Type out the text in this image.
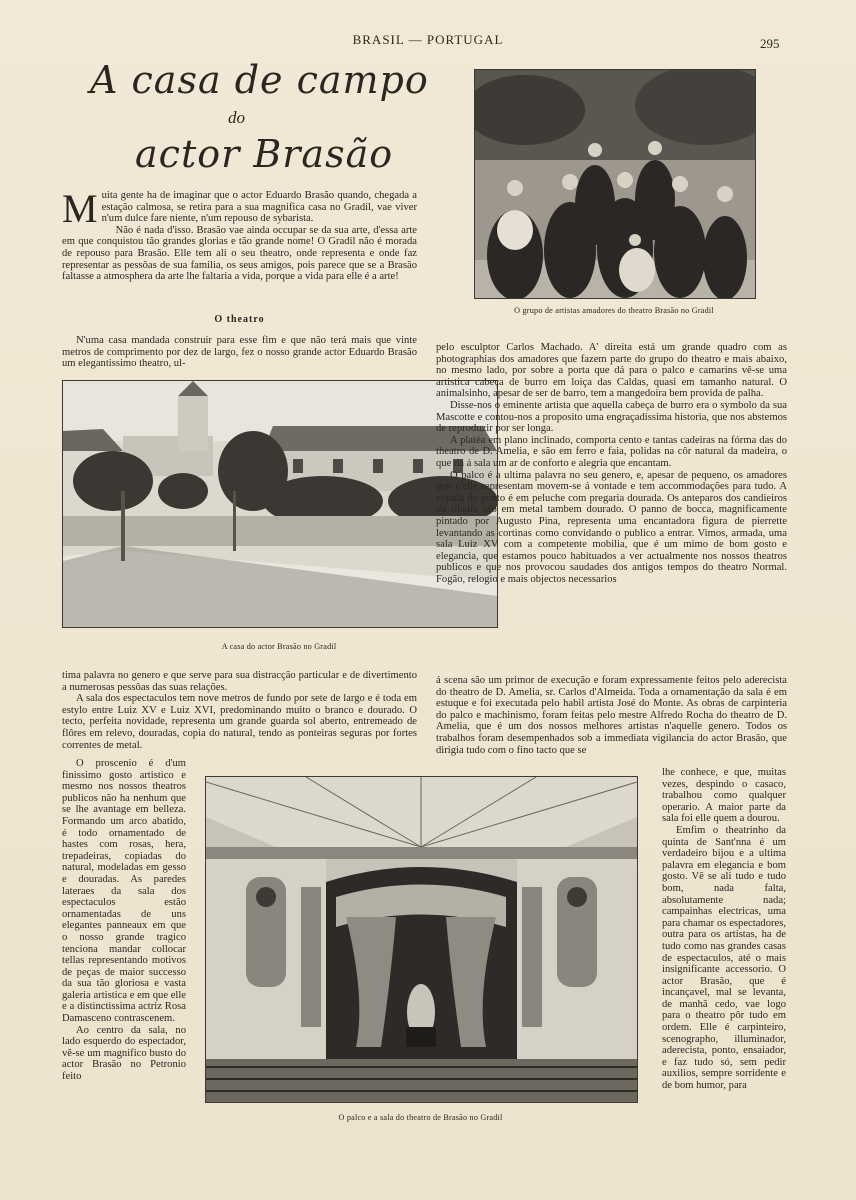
BRASIL — PORTUGAL	295
A casa de campo
do
actor Brasão
M uita gente ha de imaginar que o actor Eduardo Brasão quando, chegada a estação calmosa, se retira para a sua magnifica casa no Gradil, vae viver n'um dulce fare niente, n'um repouso de sybarista.

Não é nada d'isso. Brasão vae ainda occupar se da sua arte, d'essa arte em que conquistou tão grandes glorias e tão grande nome! O Gradil não é morada de repouso para Brasão. Elle tem ali o seu theatro, onde representa e onde faz representar as pessôas de sua familia, os seus amigos, pois parece que se a Brasão faltasse a atmosphera da arte lhe faltaria a vida, porque a vida para elle é a arte!

O theatro
O grupo de artistas amadores do theatro Brasão no Gradil

N'uma casa mandada construir para esse fim e que não terá mais que vinte metros de comprimento por dez de largo, fez o nosso grande actor Eduardo Brasão um elegantissimo theatro, ul-

A casa do actor Brasão no Gradil

pelo esculptor Carlos Machado. A' direita está um grande quadro com as photographias dos amadores que fazem parte do grupo do theatro e mais abaixo, no mesmo lado, por sobre a porta que dá para o palco e camarins vê-se uma artistica cabeça de burro em loiça das Caldas, quasi em tamanho natural. O animalsinho, apesar de ser de barro, tem a mangedoira bem provida de palha.

Disse-nos o eminente artista que aquella cabeça de burro era o symbolo da sua Mascotte e contou-nos a proposito uma engraçadissima historia, que nos abstemos de reproduzir por ser longa.

A platéa em plano inclinado, comporta cento e tantas cadeiras na fórma das do theatro de D. Amelia, e são em ferro e faia, polidas na côr natural da madeira, o que dá á sala um ar de conforto e alegria que encantam.

O palco é a ultima palavra no seu genero, e, apesar de pequeno, os amadores que n'elle representam movem-se á vontade e tem accommodações para tudo. A cupula do ponto é em peluche com pregaria dourada. Os anteparos dos candieiros da ribalta são em metal tambem dourado. O panno de bocca, magnificamente pintado por Augusto Pina, representa uma encantadora figura de pierrette levantando as cortinas como convidando o publico a entrar. Vimos, armada, uma sala Luiz XV com a competente mobilia, que é um mimo de bom gosto e elegancia, que estamos pouco habituados a ver actualmente nos nossos theatros publicos e que nos provocou saudades dos antigos tempos do theatro Normal. Fogão, relogio e mais objectos necessarios

tima palavra no genero e que serve para sua distracção particular e de divertimento a numerosas pessôas das suas relações.

A sala dos espectaculos tem nove metros de fundo por sete de largo e é toda em estylo entre Luiz XV e Luiz XVI, predominando muito o branco e dourado. O tecto, perfeita novidade, representa um grande guarda sol aberto, entremeado de flôres em relevo, douradas, copia do natural, tendo as ponteiras seguras por fortes correntes de metal.

á scena são um primor de execução e foram expressamente feitos pelo aderecista do theatro de D. Amelia, sr. Carlos d'Almeida. Toda a ornamentação da sala é em estuque e foi executada pelo habil artista José do Monte. As obras de carpinteria do palco e machinismo, foram feitas pelo mestre Alfredo Rocha do theatro de D. Amelia, que é um dos nossos melhores artistas n'aquelle genero. Todos os trabalhos foram desempenhados sob a immediata vigilancia do actor Brasão, que dirigia tudo com o fino tacto que se

O proscenio é d'um finissimo gosto artistico e mesmo nos nossos theatros publicos não ha nenhum que se lhe avantage em belleza. Formando um arco abatido, é todo ornamentado de hastes com rosas, hera, trepadeiras, copiadas do natural, modeladas em gesso e douradas. As paredes lateraes da sala dos espectaculos estão ornamentadas de uns elegantes panneaux em que o nosso grande tragico tenciona mandar collocar tellas representando motivos de peças de maior successo da sua tão gloriosa e vasta galeria artistica e em que elle e a distinctissima actriz Rosa Damasceno contrascenem.

Ao centro da sala, no lado esquerdo do espectador, vê-se um magnifico busto do actor Brasão no Petronio feito

O palco e a sala do theatro de Brasão no Gradil

lhe conhece, e que, muitas vezes, despindo o casaco, trabalhou como qualquer operario. A maior parte da sala foi elle quem a dourou.

Emfim o theatrinho da quinta de Sant'nna é um verdadeiro bijou e a ultima palavra em elegancia e bom gosto. Vê se ali tudo e tudo bom, nada falta, absolutamente nada; campainhas electricas, uma para chamar os espectadores, outra para os artistas, ha de tudo como nas grandes casas de espectaculos, até o mais insignificante accessorio. O actor Brasão, que é incançavel, mal se levanta, de manhã cedo, vae logo para o theatro pôr tudo em ordem. Elle é carpinteiro, scenographo, illuminador, aderecista, ponto, ensaiador, e faz tudo só, sem pedir auxilios, sempre sorridente e de bom humor, para
